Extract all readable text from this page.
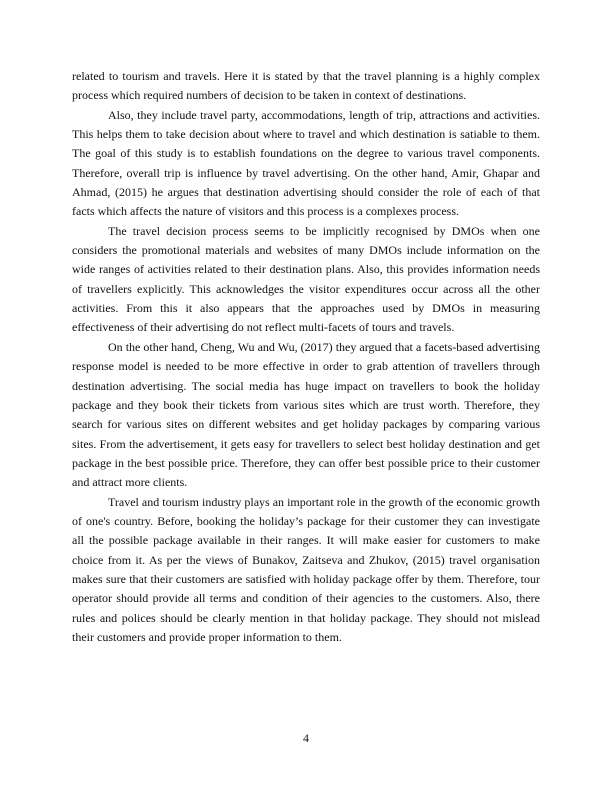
related to tourism and travels. Here it is stated by that the travel planning is a highly complex process which required numbers of decision to be taken in context of destinations.

Also, they include travel party, accommodations, length of trip, attractions and activities. This helps them to take decision about where to travel and which destination is satiable to them. The goal of this study is to establish foundations on the degree to various travel components. Therefore, overall trip is influence by travel advertising. On the other hand, Amir, Ghapar and Ahmad, (2015) he argues that destination advertising should consider the role of each of that facts which affects the nature of visitors and this process is a complexes process.

The travel decision process seems to be implicitly recognised by DMOs when one considers the promotional materials and websites of many DMOs include information on the wide ranges of activities related to their destination plans. Also, this provides information needs of travellers explicitly. This acknowledges the visitor expenditures occur across all the other activities. From this it also appears that the approaches used by DMOs in measuring effectiveness of their advertising do not reflect multi-facets of tours and travels.

On the other hand, Cheng, Wu and Wu, (2017) they argued that a facets-based advertising response model is needed to be more effective in order to grab attention of travellers through destination advertising. The social media has huge impact on travellers to book the holiday package and they book their tickets from various sites which are trust worth. Therefore, they search for various sites on different websites and get holiday packages by comparing various sites. From the advertisement, it gets easy for travellers to select best holiday destination and get package in the best possible price. Therefore, they can offer best possible price to their customer and attract more clients.

Travel and tourism industry plays an important role in the growth of the economic growth of one's country. Before, booking the holiday’s package for their customer they can investigate all the possible package available in their ranges. It will make easier for customers to make choice from it. As per the views of Bunakov, Zaitseva and Zhukov, (2015) travel organisation makes sure that their customers are satisfied with holiday package offer by them. Therefore, tour operator should provide all terms and condition of their agencies to the customers. Also, there rules and polices should be clearly mention in that holiday package. They should not mislead their customers and provide proper information to them.

4
